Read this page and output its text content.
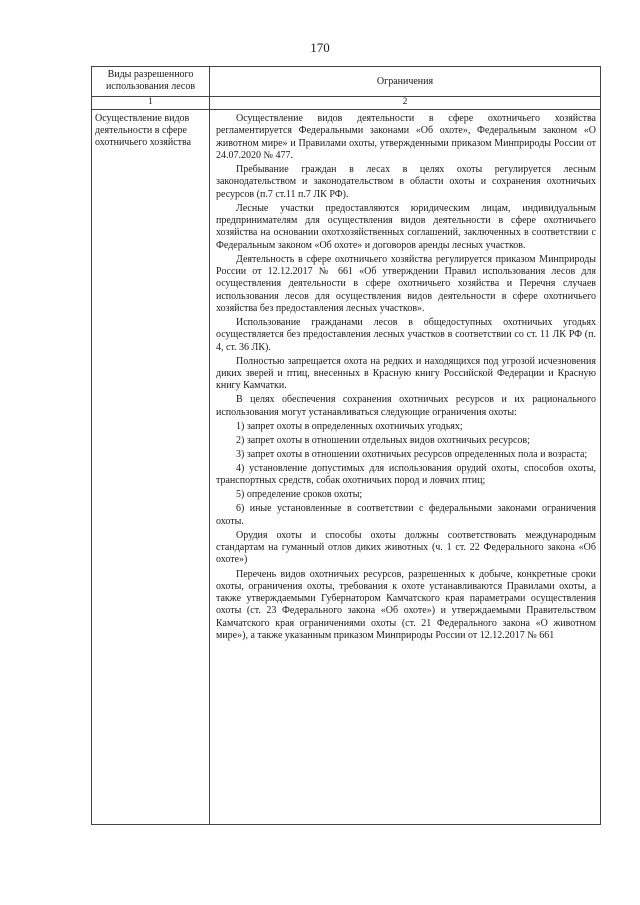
170
Виды разрешенного использования лесов	Ограничения
1	2
Осуществление видов деятельности в сфере охотничьего хозяйства

Осуществление видов деятельности в сфере охотничьего хозяйства регламентируется Федеральными законами «Об охоте», Федеральным законом «О животном мире» и Правилами охоты, утвержденными приказом Минприроды России от 24.07.2020 № 477.

Пребывание граждан в лесах в целях охоты регулируется лесным законодательством и законодательством в области охоты и сохранения охотничьих ресурсов (п.7 ст.11 п.7 ЛК РФ).

Лесные участки предоставляются юридическим лицам, индивидуальным предпринимателям для осуществления видов деятельности в сфере охотничьего хозяйства на основании охотхозяйственных соглашений, заключенных в соответствии с Федеральным законом «Об охоте» и договоров аренды лесных участков.

Деятельность в сфере охотничьего хозяйства регулируется приказом Минприроды России от 12.12.2017 № 661 «Об утверждении Правил использования лесов для осуществления деятельности в сфере охотничьего хозяйства и Перечня случаев использования лесов для осуществления видов деятельности в сфере охотничьего хозяйства без предоставления лесных участков».

Использование гражданами лесов в общедоступных охотничьих угодьях осуществляется без предоставления лесных участков в соответствии со ст. 11 ЛК РФ (п. 4, ст. 36 ЛК).

Полностью запрещается охота на редких и находящихся под угрозой исчезновения диких зверей и птиц, внесенных в Красную книгу Российской Федерации и Красную книгу Камчатки.

В целях обеспечения сохранения охотничьих ресурсов и их рационального использования могут устанавливаться следующие ограничения охоты:

1) запрет охоты в определенных охотничьих угодьях;

2) запрет охоты в отношении отдельных видов охотничьих ресурсов;

3) запрет охоты в отношении охотничьих ресурсов определенных пола и возраста;

4) установление допустимых для использования орудий охоты, способов охоты, транспортных средств, собак охотничьих пород и ловчих птиц;

5) определение сроков охоты;

6) иные установленные в соответствии с федеральными законами ограничения охоты.

Орудия охоты и способы охоты должны соответствовать международным стандартам на гуманный отлов диких животных (ч. 1 ст. 22 Федерального закона «Об охоте»)

Перечень видов охотничьих ресурсов, разрешенных к добыче, конкретные сроки охоты, ограничения охоты, требования к охоте устанавливаются Правилами охоты, а также утверждаемыми Губернатором Камчатского края параметрами осуществления охоты (ст. 23 Федерального закона «Об охоте») и утверждаемыми Правительством Камчатского края ограничениями охоты (ст. 21 Федерального закона «О животном мире»), а также указанным приказом Минприроды России от 12.12.2017 № 661
